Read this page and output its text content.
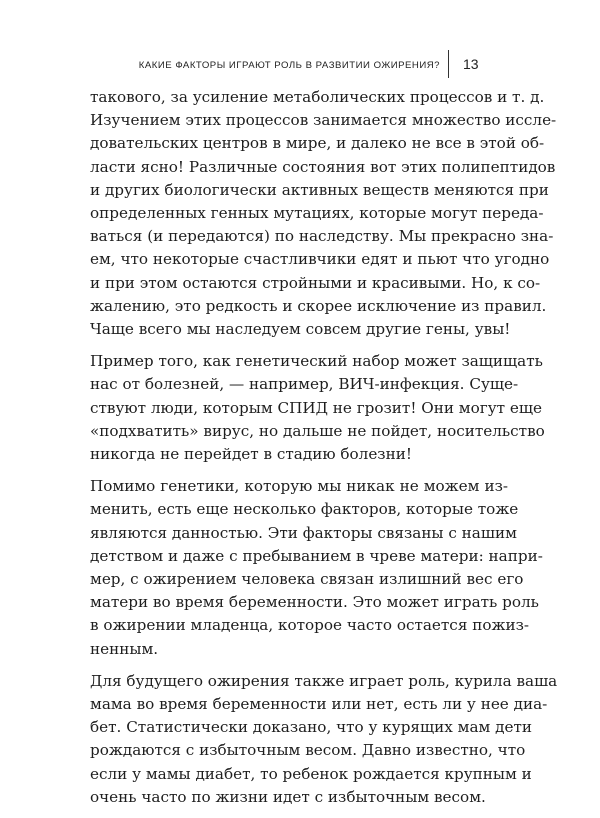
КАКИЕ ФАКТОРЫ ИГРАЮТ РОЛЬ В РАЗВИТИИ ОЖИРЕНИЯ? 13

такового, за усиление метаболических процессов и т. д.
Изучением этих процессов занимается множество иссле-
довательских центров в мире, и далеко не все в этой об-
ласти ясно! Различные состояния вот этих полипептидов
и других биологически активных веществ меняются при
определенных генных мутациях, которые могут переда-
ваться (и передаются) по наследству. Мы прекрасно зна-
ем, что некоторые счастливчики едят и пьют что угодно
и при этом остаются стройными и красивыми. Но, к со-
жалению, это редкость и скорее исключение из правил.
Чаще всего мы наследуем совсем другие гены, увы!

Пример того, как генетический набор может защищать
нас от болезней, — например, ВИЧ-инфекция. Суще-
ствуют люди, которым СПИД не грозит! Они могут еще
«подхватить» вирус, но дальше не пойдет, носительство
никогда не перейдет в стадию болезни!

Помимо генетики, которую мы никак не можем из-
менить, есть еще несколько факторов, которые тоже
являются данностью. Эти факторы связаны с нашим
детством и даже с пребыванием в чреве матери: напри-
мер, с ожирением человека связан излишний вес его
матери во время беременности. Это может играть роль
в ожирении младенца, которое часто остается пожиз-
ненным.

Для будущего ожирения также играет роль, курила ваша
мама во время беременности или нет, есть ли у нее диа-
бет. Статистически доказано, что у курящих мам дети
рождаются с избыточным весом. Давно известно, что
если у мамы диабет, то ребенок рождается крупным и
очень часто по жизни идет с избыточным весом.
